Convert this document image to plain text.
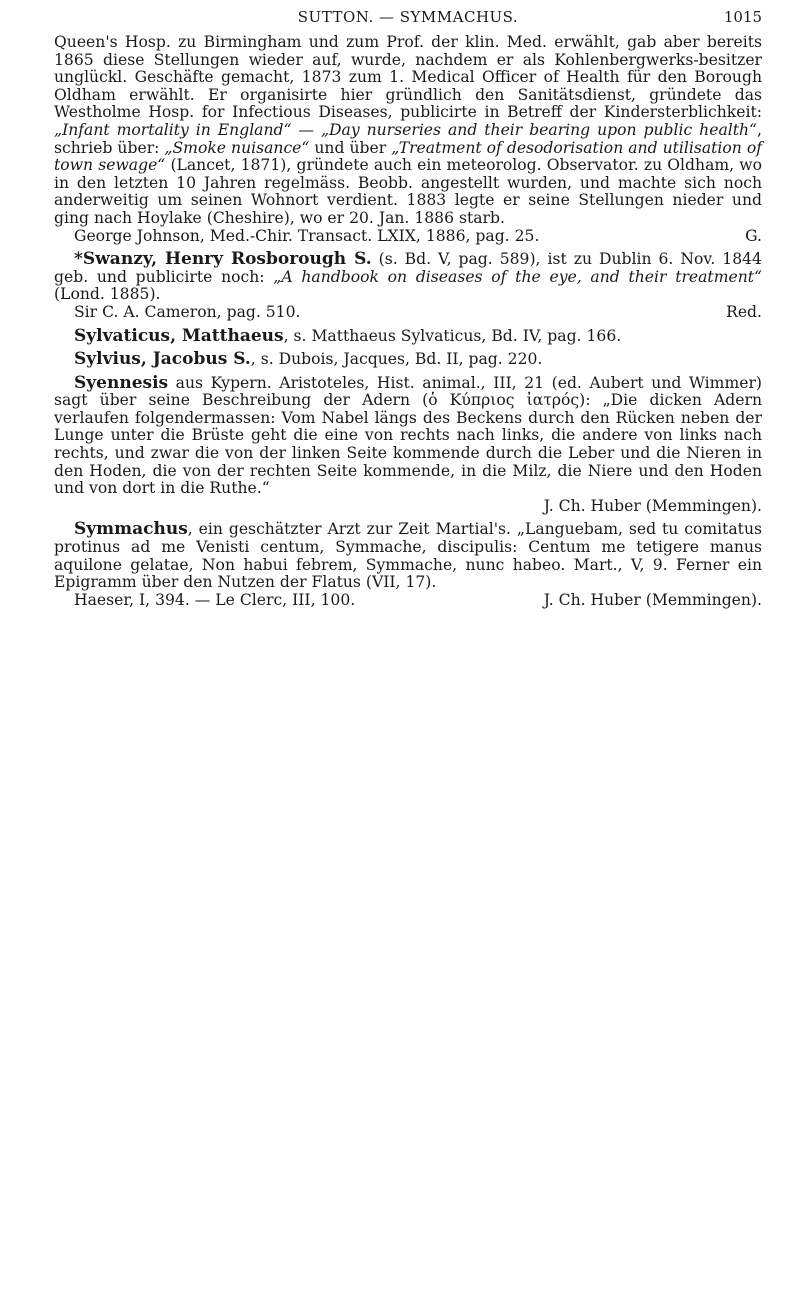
SUTTON. — SYMMACHUS.	1015

Queen's Hosp. zu Birmingham und zum Prof. der klin. Med. erwählt, gab aber bereits 1865 diese Stellungen wieder auf, wurde, nachdem er als Kohlenbergwerks-besitzer unglückl. Geschäfte gemacht, 1873 zum 1. Medical Officer of Health für den Borough Oldham erwählt. Er organisirte hier gründlich den Sanitätsdienst, gründete das Westholme Hosp. for Infectious Diseases, publicirte in Betreff der Kindersterblichkeit: „Infant mortality in England“ — „Day nurseries and their bearing upon public health“, schrieb über: „Smoke nuisance“ und über „Treatment of desodorisation and utilisation of town sewage“ (Lancet, 1871), gründete auch ein meteorolog. Observator. zu Oldham, wo in den letzten 10 Jahren regelmäss. Beobb. angestellt wurden, und machte sich noch anderweitig um seinen Wohnort verdient. 1883 legte er seine Stellungen nieder und ging nach Hoylake (Cheshire), wo er 20. Jan. 1886 starb.

George Johnson, Med.-Chir. Transact. LXIX, 1886, pag. 25.	G.

*Swanzy, Henry Rosborough S. (s. Bd. V, pag. 589), ist zu Dublin 6. Nov. 1844 geb. und publicirte noch: „A handbook on diseases of the eye, and their treatment“ (Lond. 1885).

Sir C. A. Cameron, pag. 510.	Red.

Sylvaticus, Matthaeus, s. Matthaeus Sylvaticus, Bd. IV, pag. 166.

Sylvius, Jacobus S., s. Dubois, Jacques, Bd. II, pag. 220.

Syennesis aus Kypern. Aristoteles, Hist. animal., III, 21 (ed. Aubert und Wimmer) sagt über seine Beschreibung der Adern (ὁ Κύπριος ἰατρός): „Die dicken Adern verlaufen folgendermassen: Vom Nabel längs des Beckens durch den Rücken neben der Lunge unter die Brüste geht die eine von rechts nach links, die andere von links nach rechts, und zwar die von der linken Seite kommende durch die Leber und die Nieren in den Hoden, die von der rechten Seite kommende, in die Milz, die Niere und den Hoden und von dort in die Ruthe.“

J. Ch. Huber (Memmingen).

Symmachus, ein geschätzter Arzt zur Zeit Martial's. „Languebam, sed tu comitatus protinus ad me Venisti centum, Symmache, discipulis: Centum me tetigere manus aquilone gelatae, Non habui febrem, Symmache, nunc habeo. Mart., V, 9. Ferner ein Epigramm über den Nutzen der Flatus (VII, 17).

Haeser, I, 394. — Le Clerc, III, 100.	J. Ch. Huber (Memmingen).
